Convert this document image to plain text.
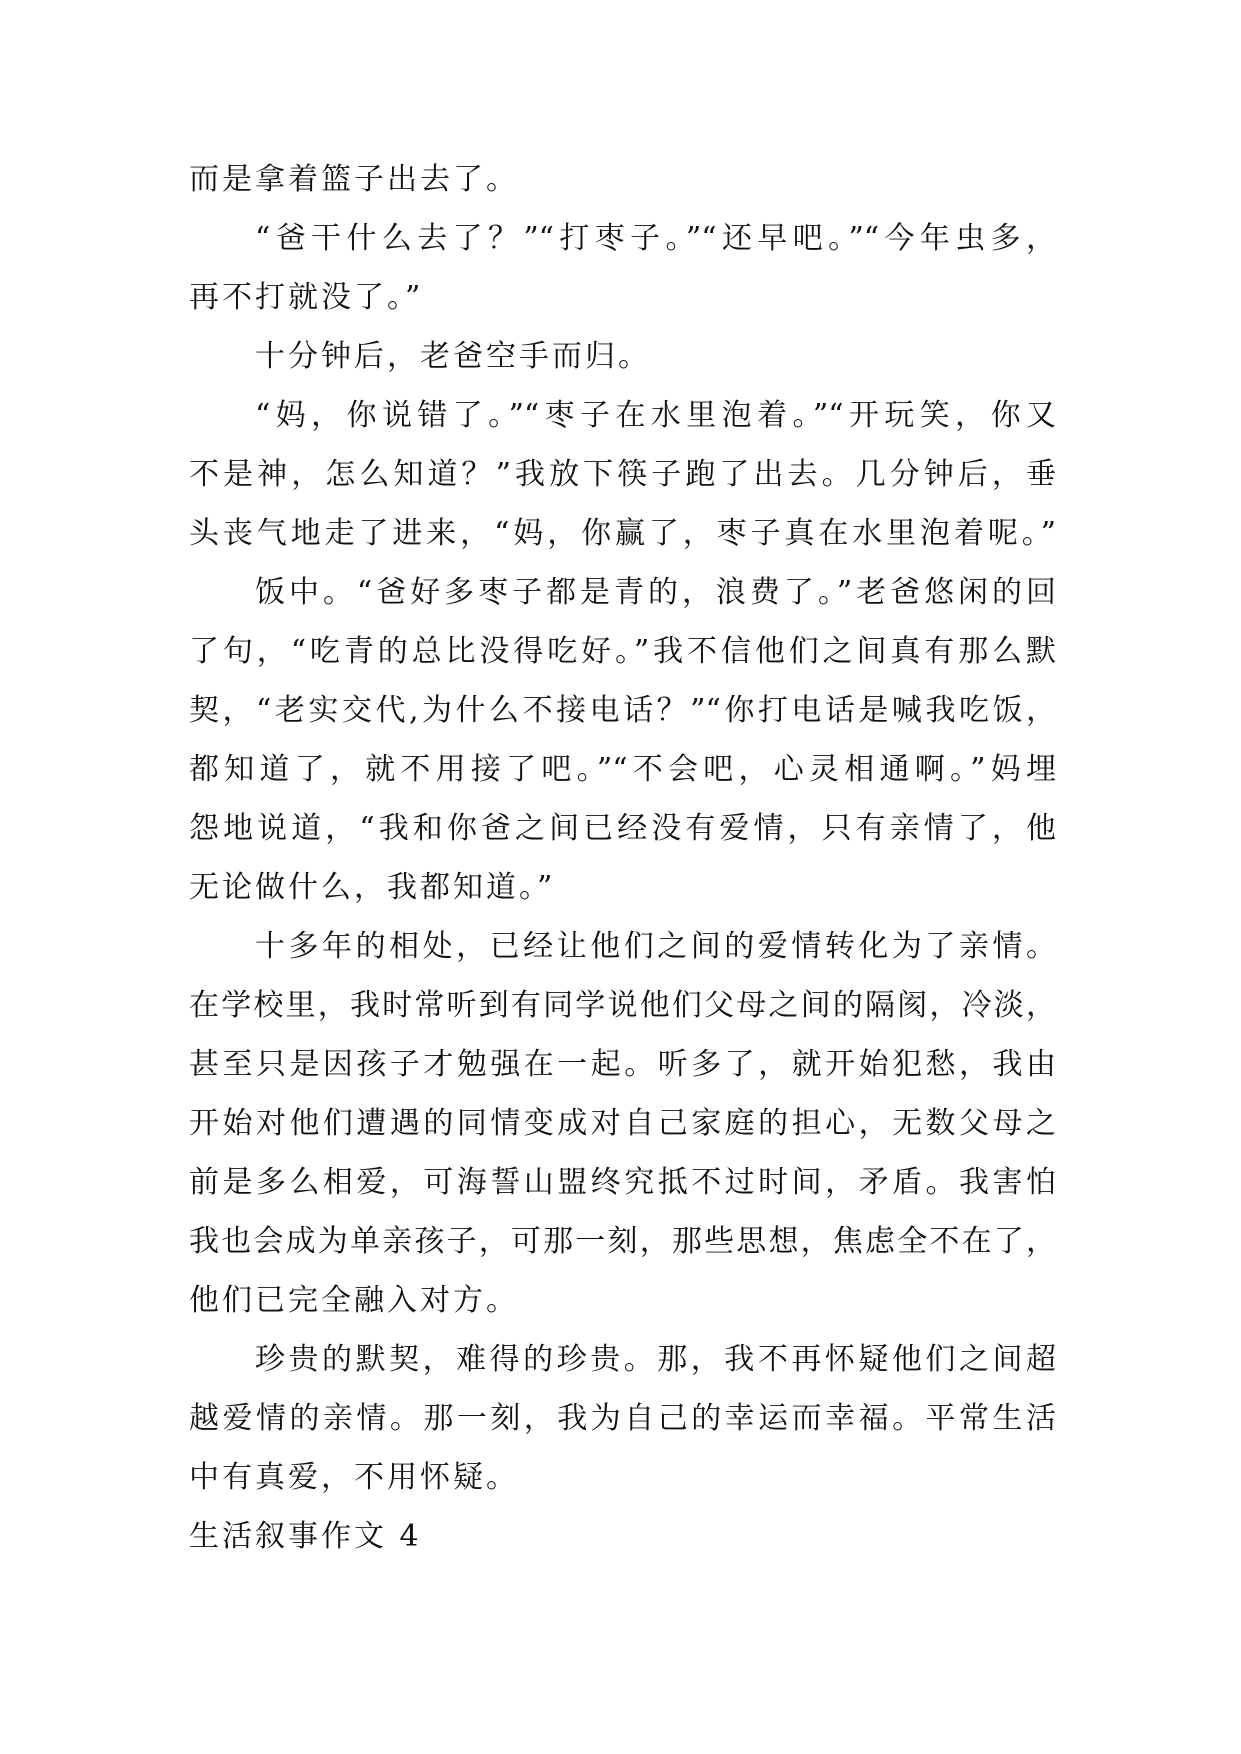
而是拿着篮子出去了。
“爸干什么去了？”“打枣子。”“还早吧。”“今年虫多，
再不打就没了。”
十分钟后，老爸空手而归。
“妈，你说错了。”“枣子在水里泡着。”“开玩笑，你又
不是神，怎么知道？”我放下筷子跑了出去。几分钟后，垂
头丧气地走了进来，“妈，你赢了，枣子真在水里泡着呢。”
饭中。“爸好多枣子都是青的，浪费了。”老爸悠闲的回
了句，“吃青的总比没得吃好。”我不信他们之间真有那么默
契，“老实交代,为什么不接电话？”“你打电话是喊我吃饭，
都知道了，就不用接了吧。”“不会吧，心灵相通啊。”妈埋
怨地说道，“我和你爸之间已经没有爱情，只有亲情了，他
无论做什么，我都知道。”
十多年的相处，已经让他们之间的爱情转化为了亲情。
在学校里，我时常听到有同学说他们父母之间的隔阂，冷淡，
甚至只是因孩子才勉强在一起。听多了，就开始犯愁，我由
开始对他们遭遇的同情变成对自己家庭的担心，无数父母之
前是多么相爱，可海誓山盟终究抵不过时间，矛盾。我害怕
我也会成为单亲孩子，可那一刻，那些思想，焦虑全不在了，
他们已完全融入对方。
珍贵的默契，难得的珍贵。那，我不再怀疑他们之间超
越爱情的亲情。那一刻，我为自己的幸运而幸福。平常生活
中有真爱，不用怀疑。
生活叙事作文 4
